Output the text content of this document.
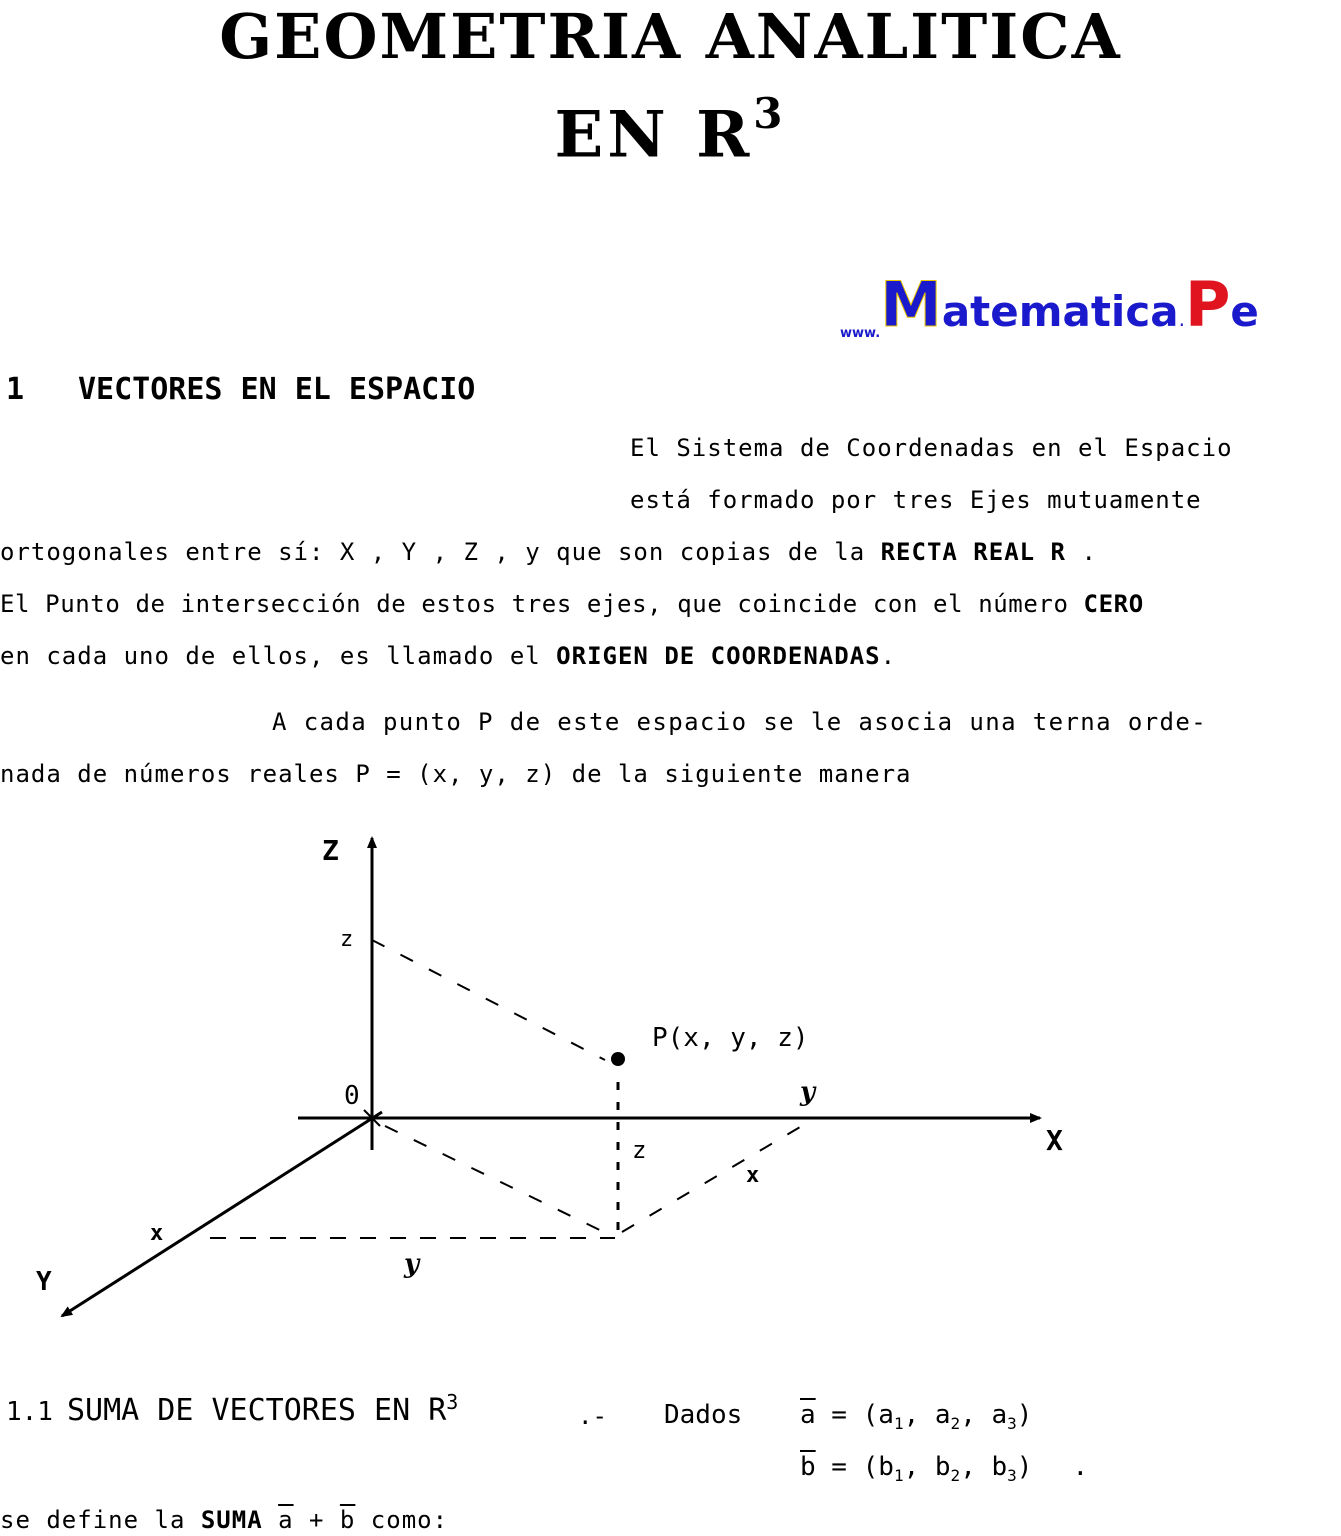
GEOMETRIA ANALITICA
EN $R^3$
www.Matematica.Pe
1 VECTORES EN EL ESPACIO
El Sistema de Coordenadas en el Espacio
está formado por tres Ejes mutuamente
ortogonales entre sí: X , Y , Z , y que son copias de la RECTA REAL R .
El Punto de intersección de estos tres ejes, que coincide con el número CERO
en cada uno de ellos, es llamado el ORIGEN DE COORDENADAS.
A cada punto P de este espacio se le asocia una terna orde-
nada de números reales P = (x, y, z) de la siguiente manera
Z
z
0
P(x, y, z)
y
X
z
x
x
y
Y
1.1 SUMA DE VECTORES EN $R^3$	.- Dados $\overline{a} = (a_1$, $a_2$, $a_3$)
$\overline{b} = (b_1$, $b_2$, $b_3$) .
se define la SUMA $\overline{a} + \overline{b}$ como:
